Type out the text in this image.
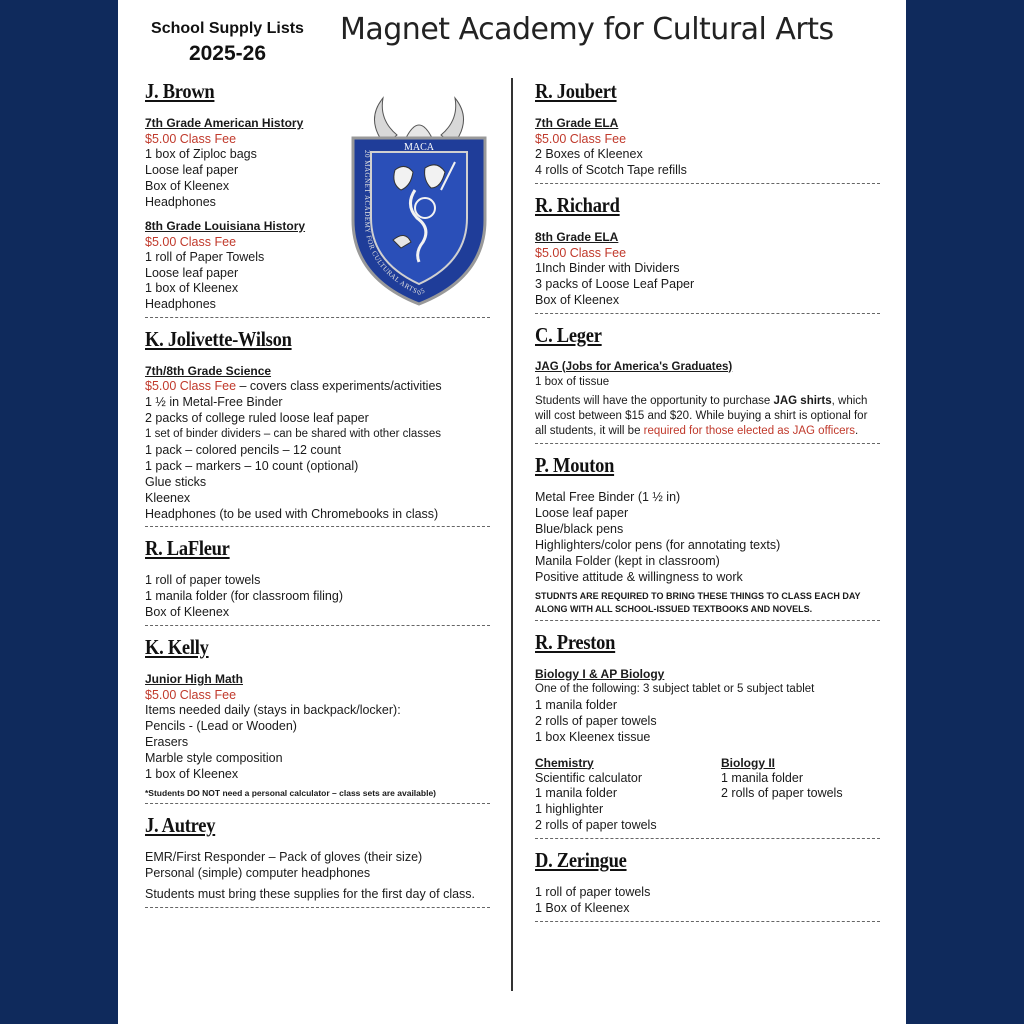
School Supply Lists
2025-26
Magnet Academy for Cultural Arts
MACA
20 MAGNET ACADEMY FOR CULTURAL ARTS 05
J. Brown
7th Grade American History
$5.00 Class Fee
1 box of Ziploc bags
Loose leaf paper
Box of Kleenex
Headphones
8th Grade Louisiana History
$5.00 Class Fee
1 roll of Paper Towels
Loose leaf paper
1 box of Kleenex
Headphones
K. Jolivette-Wilson
7th/8th Grade Science
$5.00 Class Fee – covers class experiments/activities
1 ½ in Metal-Free Binder
2 packs of college ruled loose leaf paper
1 set of binder dividers – can be shared with other classes
1 pack – colored pencils – 12 count
1 pack – markers – 10 count (optional)
Glue sticks
Kleenex
Headphones (to be used with Chromebooks in class)
R. LaFleur
1 roll of paper towels
1 manila folder (for classroom filing)
Box of Kleenex
K. Kelly
Junior High Math
$5.00 Class Fee
Items needed daily (stays in backpack/locker):
Pencils - (Lead or Wooden)
Erasers
Marble style composition
1 box of Kleenex
*Students DO NOT need a personal calculator – class sets are available)
J. Autrey
EMR/First Responder – Pack of gloves (their size)
Personal (simple) computer headphones
Students must bring these supplies for the first day of class.
R. Joubert
7th Grade ELA
$5.00 Class Fee
2 Boxes of Kleenex
4 rolls of Scotch Tape refills
R. Richard
8th Grade ELA
$5.00 Class Fee
1Inch Binder with Dividers
3 packs of Loose Leaf Paper
Box of Kleenex
C. Leger
JAG (Jobs for America's Graduates)
1 box of tissue
Students will have the opportunity to purchase JAG shirts, which will cost between $15 and $20. While buying a shirt is optional for all students, it will be required for those elected as JAG officers.
P. Mouton
Metal Free Binder (1 ½ in)
Loose leaf paper
Blue/black pens
Highlighters/color pens (for annotating texts)
Manila Folder (kept in classroom)
Positive attitude & willingness to work
STUDNTS ARE REQUIRED TO BRING THESE THINGS TO CLASS EACH DAY ALONG WITH ALL SCHOOL-ISSUED TEXTBOOKS AND NOVELS.
R. Preston
Biology I & AP Biology
One of the following: 3 subject tablet or 5 subject tablet
1 manila folder
2 rolls of paper towels
1 box Kleenex tissue
Chemistry
Scientific calculator
1 manila folder
1 highlighter
2 rolls of paper towels
Biology II
1 manila folder
2 rolls of paper towels
D. Zeringue
1 roll of paper towels
1 Box of Kleenex
